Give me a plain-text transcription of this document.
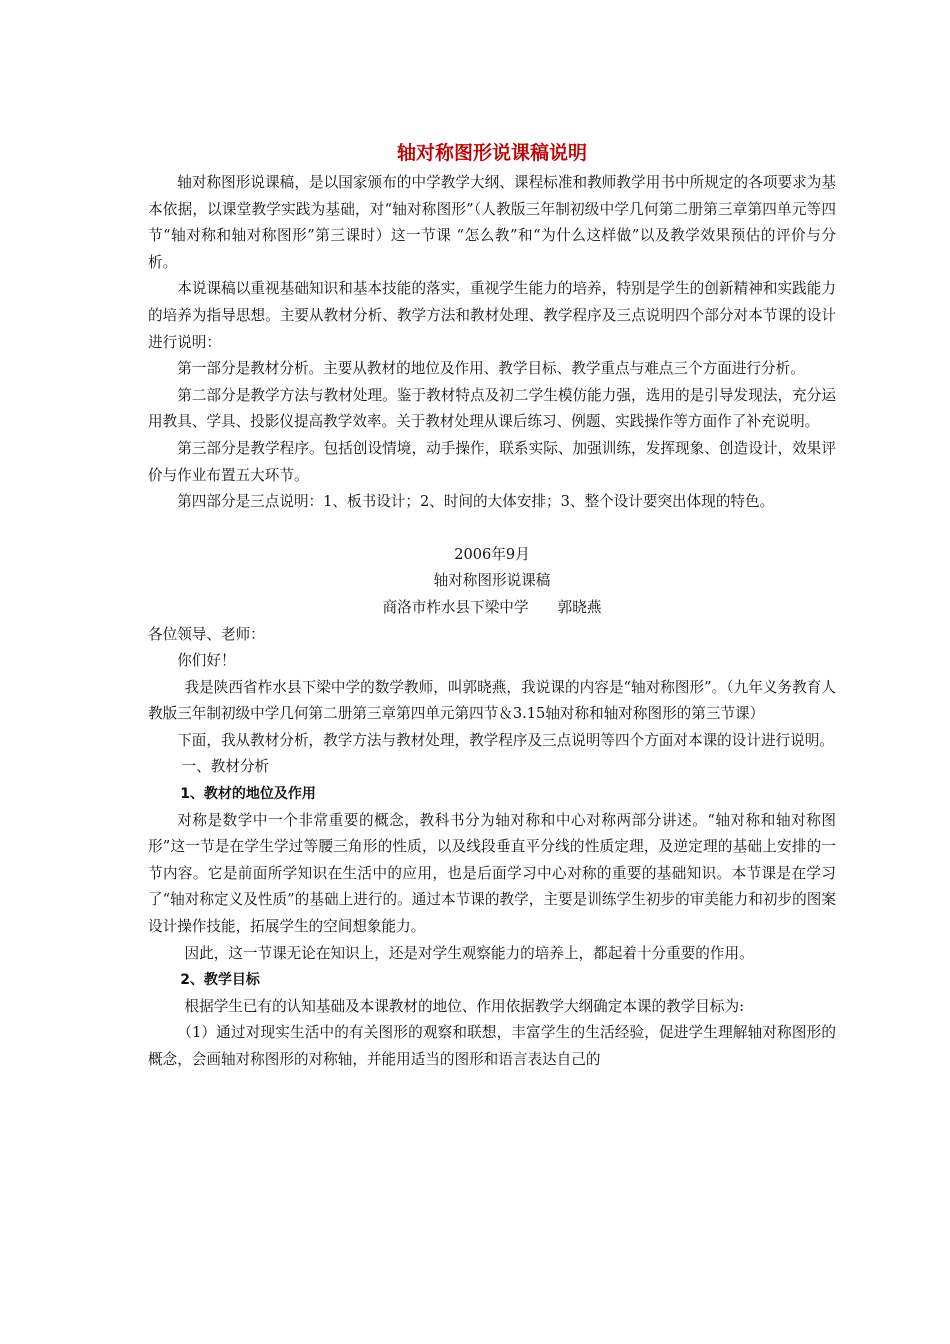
轴对称图形说课稿说明

轴对称图形说课稿，是以国家颁布的中学教学大纲、课程标准和教师教学用书中所规定的各项要求为基本依据，以课堂教学实践为基础，对“轴对称图形”（人教版三年制初级中学几何第二册第三章第四单元等四节“轴对称和轴对称图形”第三课时）这一节课 “怎么教”和“为什么这样做”以及教学效果预估的评价与分析。

本说课稿以重视基础知识和基本技能的落实，重视学生能力的培养，特别是学生的创新精神和实践能力的培养为指导思想。主要从教材分析、教学方法和教材处理、教学程序及三点说明四个部分对本节课的设计进行说明：

第一部分是教材分析。主要从教材的地位及作用、教学目标、教学重点与难点三个方面进行分析。

第二部分是教学方法与教材处理。鉴于教材特点及初二学生模仿能力强，选用的是引导发现法，充分运用教具、学具、投影仪提高教学效率。关于教材处理从课后练习、例题、实践操作等方面作了补充说明。

第三部分是教学程序。包括创设情境，动手操作，联系实际、加强训练，发挥现象、创造设计，效果评价与作业布置五大环节。

第四部分是三点说明：1、板书设计；2、时间的大体安排；3、整个设计要突出体现的特色。

2006年9月

轴对称图形说课稿

商洛市柞水县下梁中学　　郭晓燕

各位领导、老师：

你们好！

我是陕西省柞水县下梁中学的数学教师，叫郭晓燕，我说课的内容是“轴对称图形”。（九年义务教育人教版三年制初级中学几何第二册第三章第四单元第四节＆3.15轴对称和轴对称图形的第三节课）

下面，我从教材分析，教学方法与教材处理，教学程序及三点说明等四个方面对本课的设计进行说明。

一、教材分析

1、教材的地位及作用

对称是数学中一个非常重要的概念，教科书分为轴对称和中心对称两部分讲述。“轴对称和轴对称图形”这一节是在学生学过等腰三角形的性质，以及线段垂直平分线的性质定理，及逆定理的基础上安排的一节内容。它是前面所学知识在生活中的应用，也是后面学习中心对称的重要的基础知识。本节课是在学习了“轴对称定义及性质”的基础上进行的。通过本节课的教学，主要是训练学生初步的审美能力和初步的图案设计操作技能，拓展学生的空间想象能力。

因此，这一节课无论在知识上，还是对学生观察能力的培养上，都起着十分重要的作用。

2、教学目标

根据学生已有的认知基础及本课教材的地位、作用依据教学大纲确定本课的教学目标为:

（1）通过对现实生活中的有关图形的观察和联想，丰富学生的生活经验，促进学生理解轴对称图形的概念，会画轴对称图形的对称轴，并能用适当的图形和语言表达自己的
